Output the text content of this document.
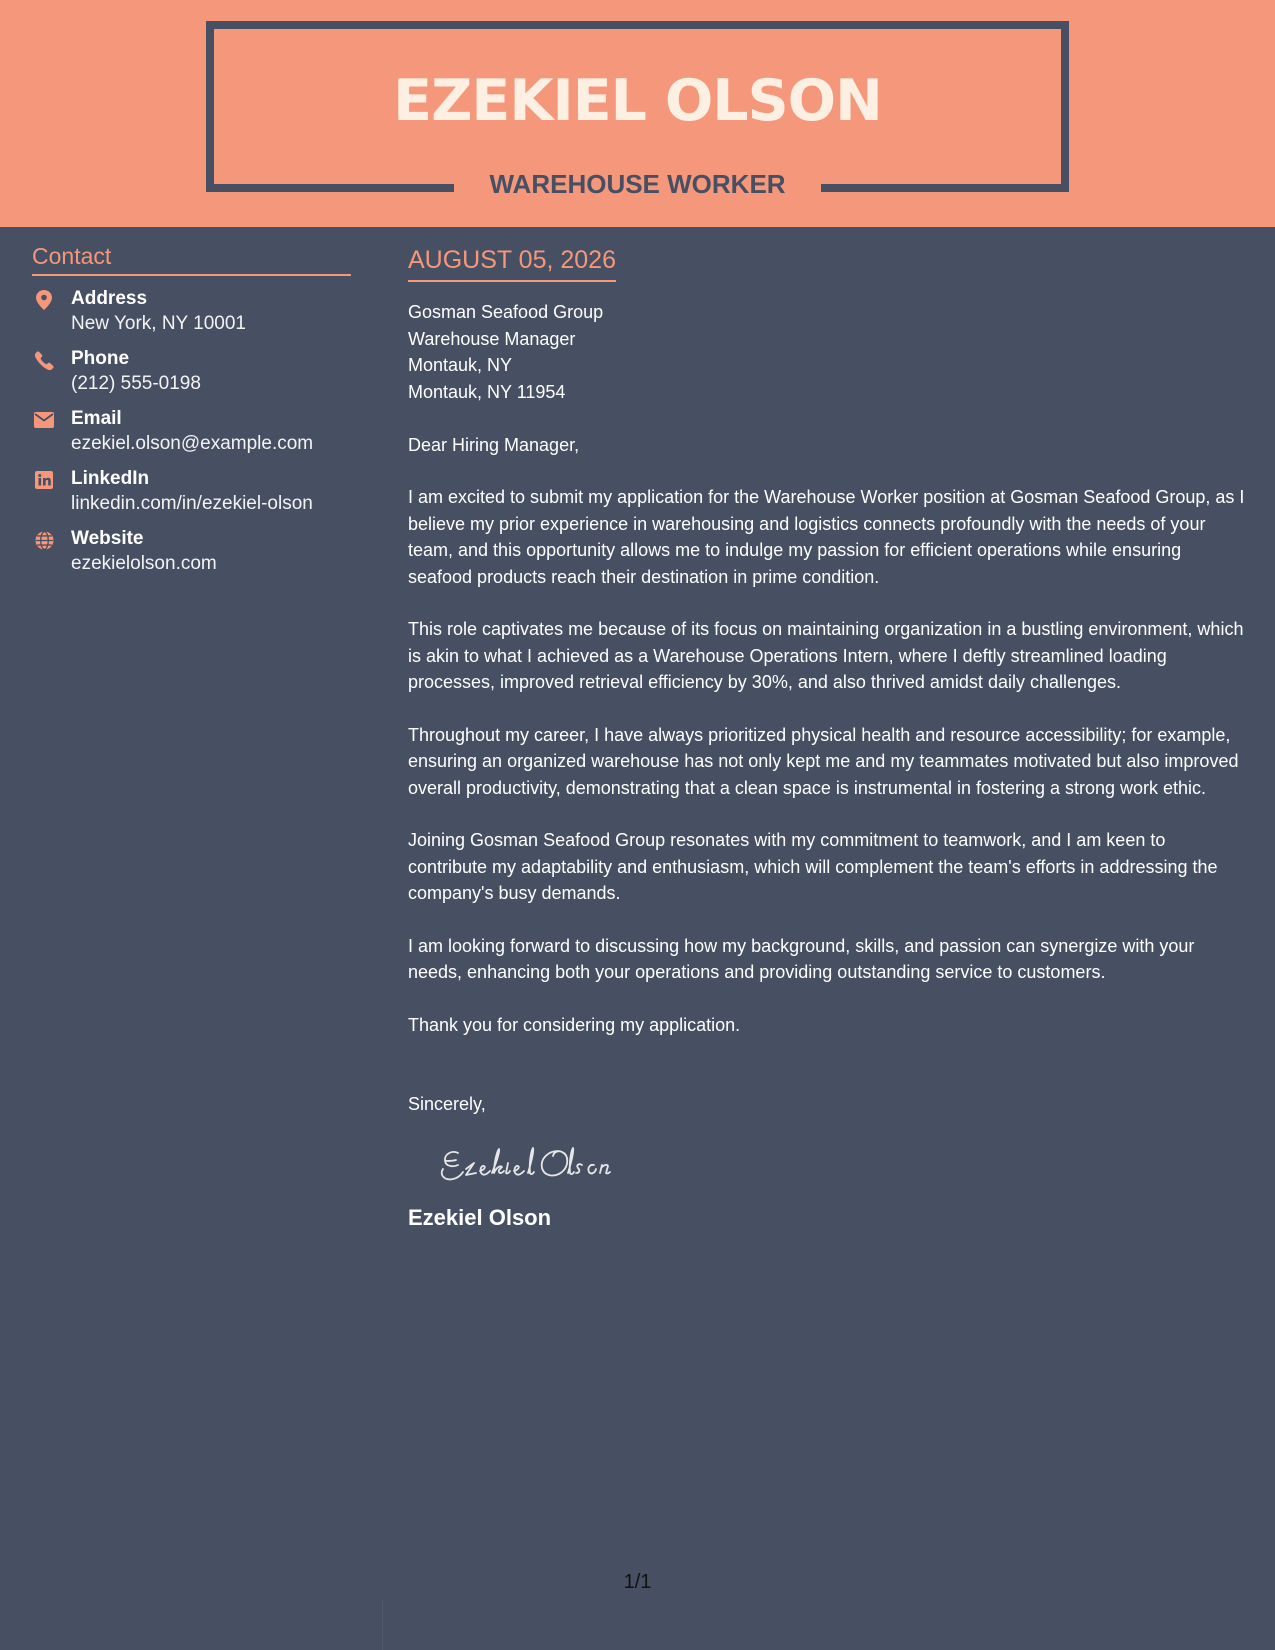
EZEKIEL OLSON
WAREHOUSE WORKER
Contact
Address
New York, NY 10001
Phone
(212) 555-0198
Email
ezekiel.olson@example.com
LinkedIn
linkedin.com/in/ezekiel-olson
Website
ezekielolson.com
AUGUST 05, 2026
Gosman Seafood Group
Warehouse Manager
Montauk, NY
Montauk, NY 11954
Dear Hiring Manager,
I am excited to submit my application for the Warehouse Worker position at Gosman Seafood Group, as I believe my prior experience in warehousing and logistics connects profoundly with the needs of your team, and this opportunity allows me to indulge my passion for efficient operations while ensuring seafood products reach their destination in prime condition.
This role captivates me because of its focus on maintaining organization in a bustling environment, which is akin to what I achieved as a Warehouse Operations Intern, where I deftly streamlined loading processes, improved retrieval efficiency by 30%, and also thrived amidst daily challenges.
Throughout my career, I have always prioritized physical health and resource accessibility; for example, ensuring an organized warehouse has not only kept me and my teammates motivated but also improved overall productivity, demonstrating that a clean space is instrumental in fostering a strong work ethic.
Joining Gosman Seafood Group resonates with my commitment to teamwork, and I am keen to contribute my adaptability and enthusiasm, which will complement the team's efforts in addressing the company's busy demands.
I am looking forward to discussing how my background, skills, and passion can synergize with your needs, enhancing both your operations and providing outstanding service to customers.
Thank you for considering my application.
Sincerely,
Ezekiel Olson
1/1
